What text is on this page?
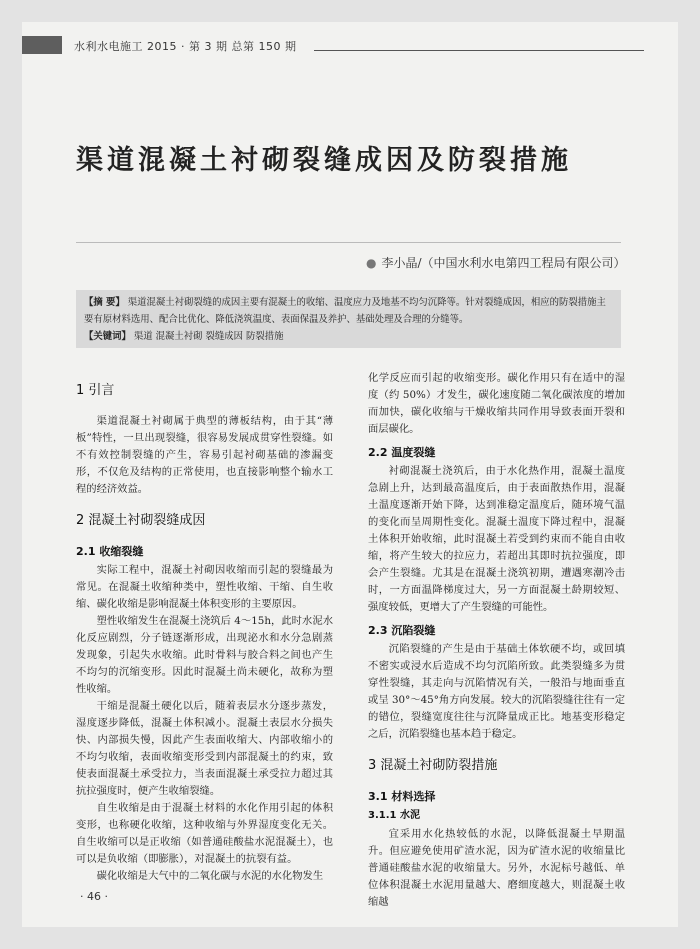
水利水电施工 2015 · 第 3 期 总第 150 期
渠道混凝土衬砌裂缝成因及防裂措施
● 李小晶/（中国水利水电第四工程局有限公司）
【摘 要】 渠道混凝土衬砌裂缝的成因主要有混凝土的收缩、温度应力及地基不均匀沉降等。针对裂缝成因，相应的防裂措施主要有原材料选用、配合比优化、降低浇筑温度、表面保温及养护、基础处理及合理的分缝等。
【关键词】 渠道 混凝土衬砌 裂缝成因 防裂措施
1 引言

渠道混凝土衬砌属于典型的薄板结构，由于其“薄板”特性，一旦出现裂缝，很容易发展成贯穿性裂缝。如不有效控制裂缝的产生，容易引起衬砌基础的渗漏变形，不仅危及结构的正常使用，也直接影响整个输水工程的经济效益。

2 混凝土衬砌裂缝成因
2.1 收缩裂缝

实际工程中，混凝土衬砌因收缩而引起的裂缝最为常见。在混凝土收缩种类中，塑性收缩、干缩、自生收缩、碳化收缩是影响混凝土体积变形的主要原因。

塑性收缩发生在混凝土浇筑后 4～15h，此时水泥水化反应剧烈，分子链逐渐形成，出现泌水和水分急剧蒸发现象，引起失水收缩。此时骨料与胶合料之间也产生不均匀的沉缩变形。因此时混凝土尚未硬化，故称为塑性收缩。

干缩是混凝土硬化以后，随着表层水分逐步蒸发，湿度逐步降低，混凝土体积减小。混凝土表层水分损失快、内部损失慢，因此产生表面收缩大、内部收缩小的不均匀收缩，表面收缩变形受到内部混凝土的约束，致使表面混凝土承受拉力，当表面混凝土承受拉力超过其抗拉强度时，便产生收缩裂缝。

自生收缩是由于混凝土材料的水化作用引起的体积变形，也称硬化收缩，这种收缩与外界湿度变化无关。自生收缩可以是正收缩（如普通硅酸盐水泥混凝土），也可以是负收缩（即膨胀），对混凝土的抗裂有益。

碳化收缩是大气中的二氧化碳与水泥的水化物发生

化学反应而引起的收缩变形。碳化作用只有在适中的湿度（约 50%）才发生，碳化速度随二氧化碳浓度的增加而加快，碳化收缩与干燥收缩共同作用导致表面开裂和面层碳化。

2.2 温度裂缝

衬砌混凝土浇筑后，由于水化热作用，混凝土温度急剧上升，达到最高温度后，由于表面散热作用，混凝土温度逐渐开始下降，达到准稳定温度后，随环境气温的变化而呈周期性变化。混凝土温度下降过程中，混凝土体积开始收缩，此时混凝土若受到约束而不能自由收缩，将产生较大的拉应力，若超出其即时抗拉强度，即会产生裂缝。尤其是在混凝土浇筑初期，遭遇寒潮冷击时，一方面温降梯度过大，另一方面混凝土龄期较短、强度较低，更增大了产生裂缝的可能性。

2.3 沉陷裂缝

沉陷裂缝的产生是由于基础土体软硬不均，或回填不密实或浸水后造成不均匀沉陷所致。此类裂缝多为贯穿性裂缝，其走向与沉陷情况有关，一般沿与地面垂直或呈 30°～45°角方向发展。较大的沉陷裂缝往往有一定的错位，裂缝宽度往往与沉降量成正比。地基变形稳定之后，沉陷裂缝也基本趋于稳定。

3 混凝土衬砌防裂措施
3.1 材料选择
3.1.1 水泥

宜采用水化热较低的水泥，以降低混凝土早期温升。但应避免使用矿渣水泥，因为矿渣水泥的收缩量比普通硅酸盐水泥的收缩量大。另外，水泥标号越低、单位体积混凝土水泥用量越大、磨细度越大，则混凝土收缩越

· 46 ·
